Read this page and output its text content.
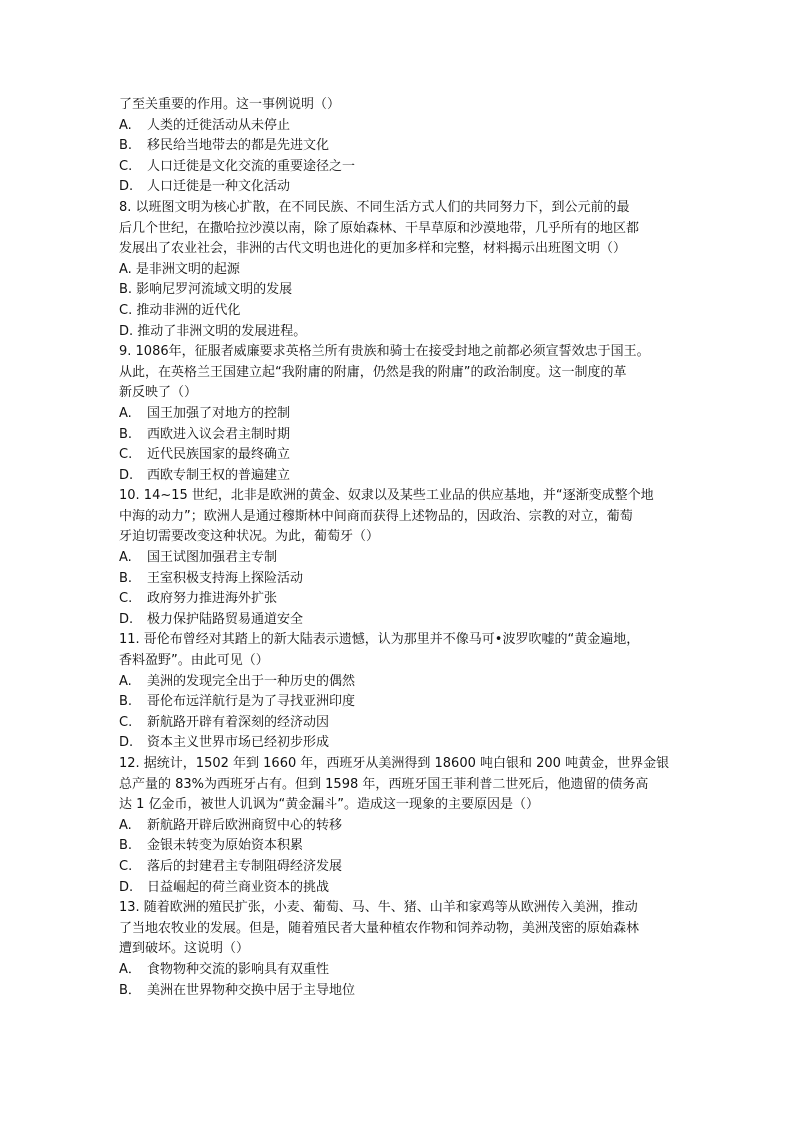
了至关重要的作用。这一事例说明（）
A.	人类的迁徙活动从未停止
B.	移民给当地带去的都是先进文化
C.	人口迁徙是文化交流的重要途径之一
D.	人口迁徙是一种文化活动
8. 以班图文明为核心扩散，在不同民族、不同生活方式人们的共同努力下，到公元前的最
后几个世纪，在撒哈拉沙漠以南，除了原始森林、干旱草原和沙漠地带，几乎所有的地区都
发展出了农业社会，非洲的古代文明也进化的更加多样和完整，材料揭示出班图文明（）
A. 是非洲文明的起源
B. 影响尼罗河流域文明的发展
C. 推动非洲的近代化
D. 推动了非洲文明的发展进程。
9. 1086年，征服者威廉要求英格兰所有贵族和骑士在接受封地之前都必须宣誓效忠于国王。
从此，在英格兰王国建立起“我附庸的附庸，仍然是我的附庸”的政治制度。这一制度的革
新反映了（）
A.	国王加强了对地方的控制
B.	西欧进入议会君主制时期
C.	近代民族国家的最终确立
D.	西欧专制王权的普遍建立
10. 14~15 世纪，北非是欧洲的黄金、奴隶以及某些工业品的供应基地，并“逐渐变成整个地
中海的动力”；欧洲人是通过穆斯林中间商而获得上述物品的，因政治、宗教的对立，葡萄
牙迫切需要改变这种状况。为此，葡萄牙（）
A.	国王试图加强君主专制
B.	王室积极支持海上探险活动
C.	政府努力推进海外扩张
D.	极力保护陆路贸易通道安全
11. 哥伦布曾经对其踏上的新大陆表示遗憾，认为那里并不像马可•波罗吹嘘的“黄金遍地，
香料盈野”。由此可见（）
A.	美洲的发现完全出于一种历史的偶然
B.	哥伦布远洋航行是为了寻找亚洲印度
C.	新航路开辟有着深刻的经济动因
D.	资本主义世界市场已经初步形成
12. 据统计，1502 年到 1660 年，西班牙从美洲得到 18600 吨白银和 200 吨黄金，世界金银
总产量的 83%为西班牙占有。但到 1598 年，西班牙国王菲利普二世死后，他遗留的债务高
达 1 亿金币，被世人讥讽为“黄金漏斗”。造成这一现象的主要原因是（）
A.	新航路开辟后欧洲商贸中心的转移
B.	金银未转变为原始资本积累
C.	落后的封建君主专制阻碍经济发展
D.	日益崛起的荷兰商业资本的挑战
13. 随着欧洲的殖民扩张，小麦、葡萄、马、牛、猪、山羊和家鸡等从欧洲传入美洲，推动
了当地农牧业的发展。但是，随着殖民者大量种植农作物和饲养动物，美洲茂密的原始森林
遭到破坏。这说明（）
A． 食物物种交流的影响具有双重性
B． 美洲在世界物种交换中居于主导地位
